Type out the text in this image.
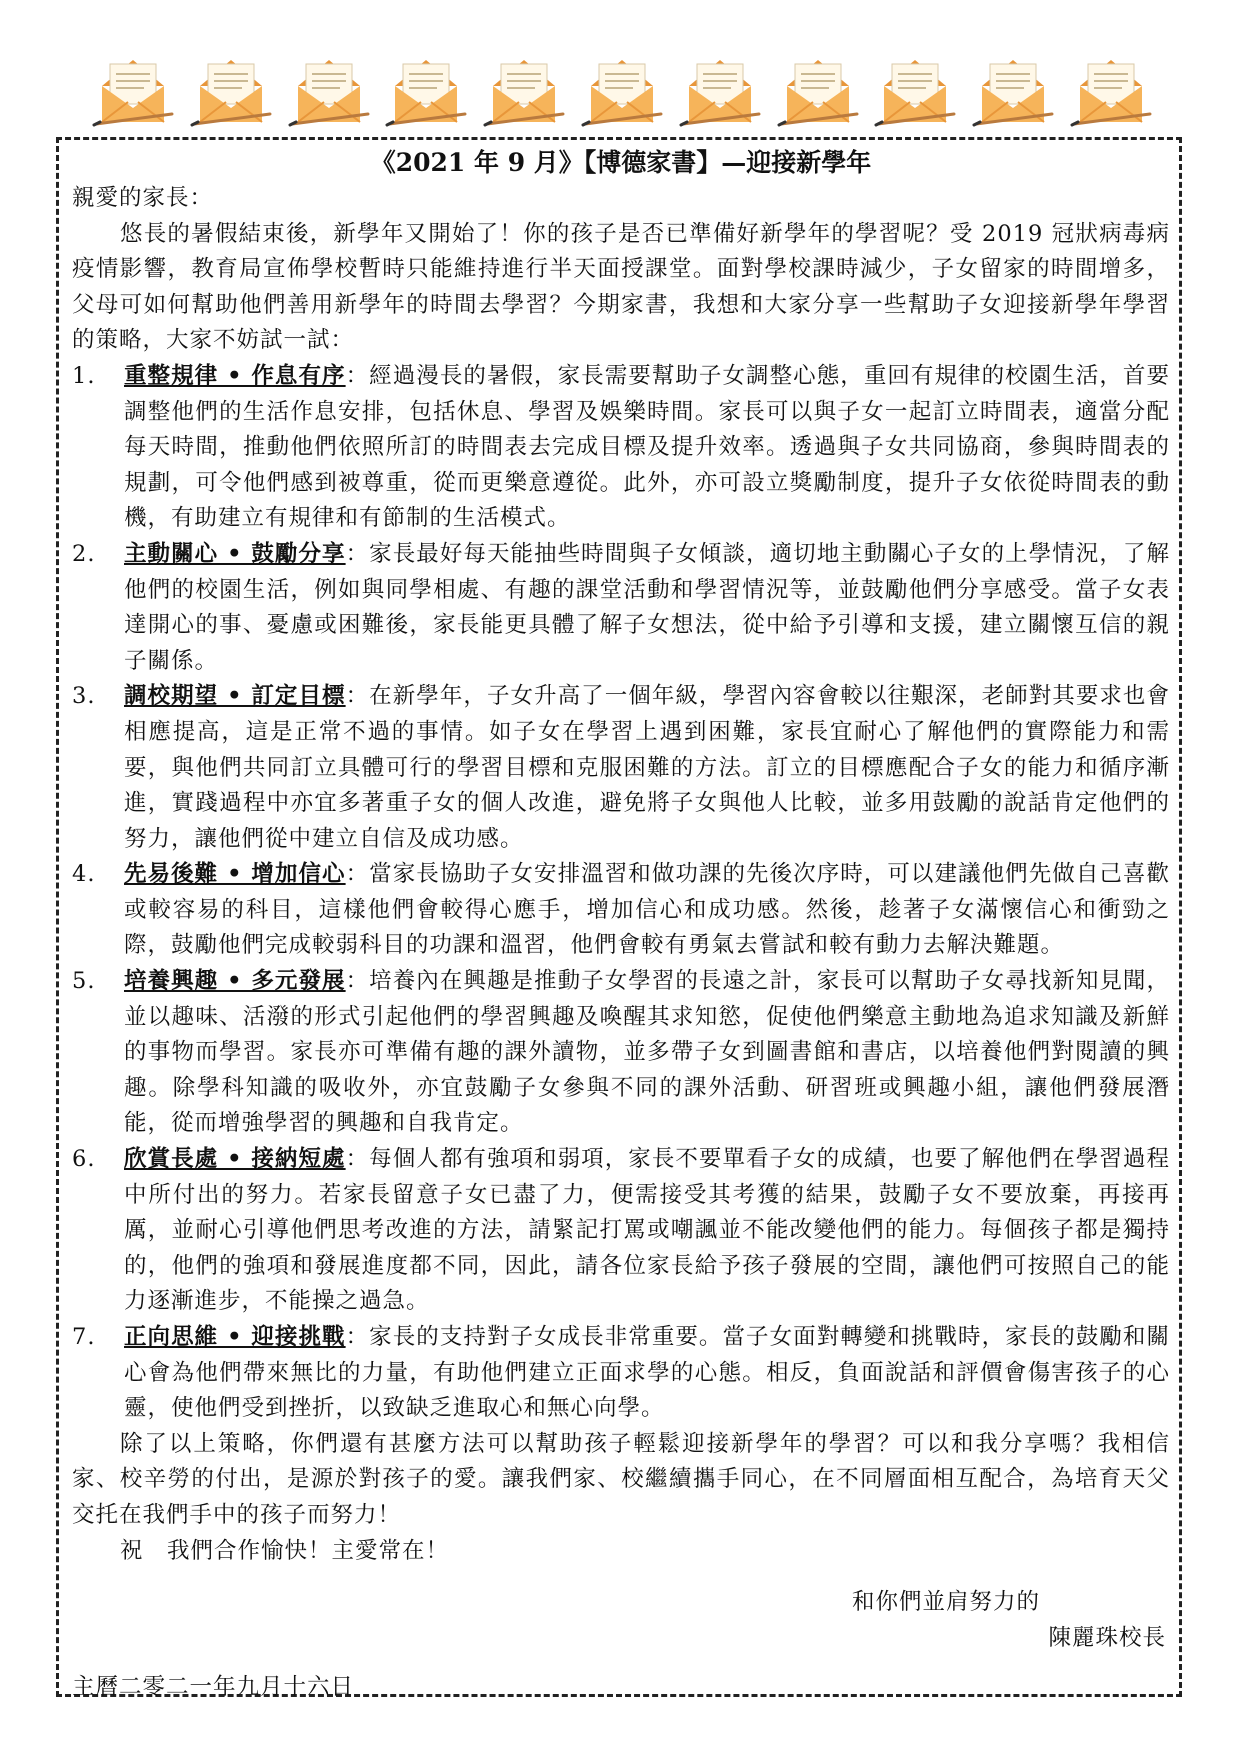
《2021 年 9 月》【博德家書】—迎接新學年

親愛的家長：

悠長的暑假結束後，新學年又開始了！你的孩子是否已準備好新學年的學習呢？受 2019 冠狀病毒病疫情影響，教育局宣佈學校暫時只能維持進行半天面授課堂。面對學校課時減少，子女留家的時間增多，父母可如何幫助他們善用新學年的時間去學習？今期家書，我想和大家分享一些幫助子女迎接新學年學習的策略，大家不妨試一試：

1.	重整規律 • 作息有序：經過漫長的暑假，家長需要幫助子女調整心態，重回有規律的校園生活，首要調整他們的生活作息安排，包括休息、學習及娛樂時間。家長可以與子女一起訂立時間表，適當分配每天時間，推動他們依照所訂的時間表去完成目標及提升效率。透過與子女共同協商，參與時間表的規劃，可令他們感到被尊重，從而更樂意遵從。此外，亦可設立獎勵制度，提升子女依從時間表的動機，有助建立有規律和有節制的生活模式。
2.	主動關心 • 鼓勵分享：家長最好每天能抽些時間與子女傾談，適切地主動關心子女的上學情況，了解他們的校園生活，例如與同學相處、有趣的課堂活動和學習情況等，並鼓勵他們分享感受。當子女表達開心的事、憂慮或困難後，家長能更具體了解子女想法，從中給予引導和支援，建立關懷互信的親子關係。
3.	調校期望 • 訂定目標：在新學年，子女升高了一個年級，學習內容會較以往艱深，老師對其要求也會相應提高，這是正常不過的事情。如子女在學習上遇到困難，家長宜耐心了解他們的實際能力和需要，與他們共同訂立具體可行的學習目標和克服困難的方法。訂立的目標應配合子女的能力和循序漸進，實踐過程中亦宜多著重子女的個人改進，避免將子女與他人比較，並多用鼓勵的說話肯定他們的努力，讓他們從中建立自信及成功感。
4.	先易後難 • 增加信心：當家長協助子女安排溫習和做功課的先後次序時，可以建議他們先做自己喜歡或較容易的科目，這樣他們會較得心應手，增加信心和成功感。然後，趁著子女滿懷信心和衝勁之際，鼓勵他們完成較弱科目的功課和溫習，他們會較有勇氣去嘗試和較有動力去解決難題。
5.	培養興趣 • 多元發展：培養內在興趣是推動子女學習的長遠之計，家長可以幫助子女尋找新知見聞，並以趣味、活潑的形式引起他們的學習興趣及喚醒其求知慾，促使他們樂意主動地為追求知識及新鮮的事物而學習。家長亦可準備有趣的課外讀物，並多帶子女到圖書館和書店，以培養他們對閱讀的興趣。除學科知識的吸收外，亦宜鼓勵子女參與不同的課外活動、研習班或興趣小組，讓他們發展潛能，從而增強學習的興趣和自我肯定。
6.	欣賞長處 • 接納短處：每個人都有強項和弱項，家長不要單看子女的成績，也要了解他們在學習過程中所付出的努力。若家長留意子女已盡了力，便需接受其考獲的結果，鼓勵子女不要放棄，再接再厲，並耐心引導他們思考改進的方法，請緊記打罵或嘲諷並不能改變他們的能力。每個孩子都是獨持的，他們的強項和發展進度都不同，因此，請各位家長給予孩子發展的空間，讓他們可按照自己的能力逐漸進步，不能操之過急。
7.	正向思維 • 迎接挑戰：家長的支持對子女成長非常重要。當子女面對轉變和挑戰時，家長的鼓勵和關心會為他們帶來無比的力量，有助他們建立正面求學的心態。相反，負面說話和評價會傷害孩子的心靈，使他們受到挫折，以致缺乏進取心和無心向學。

除了以上策略，你們還有甚麼方法可以幫助孩子輕鬆迎接新學年的學習？可以和我分享嗎？我相信家、校辛勞的付出，是源於對孩子的愛。讓我們家、校繼續攜手同心，在不同層面相互配合，為培育天父交托在我們手中的孩子而努力！

祝　我們合作愉快！主愛常在！
和你們並肩努力的
陳麗珠校長
主曆二零二一年九月十六日
